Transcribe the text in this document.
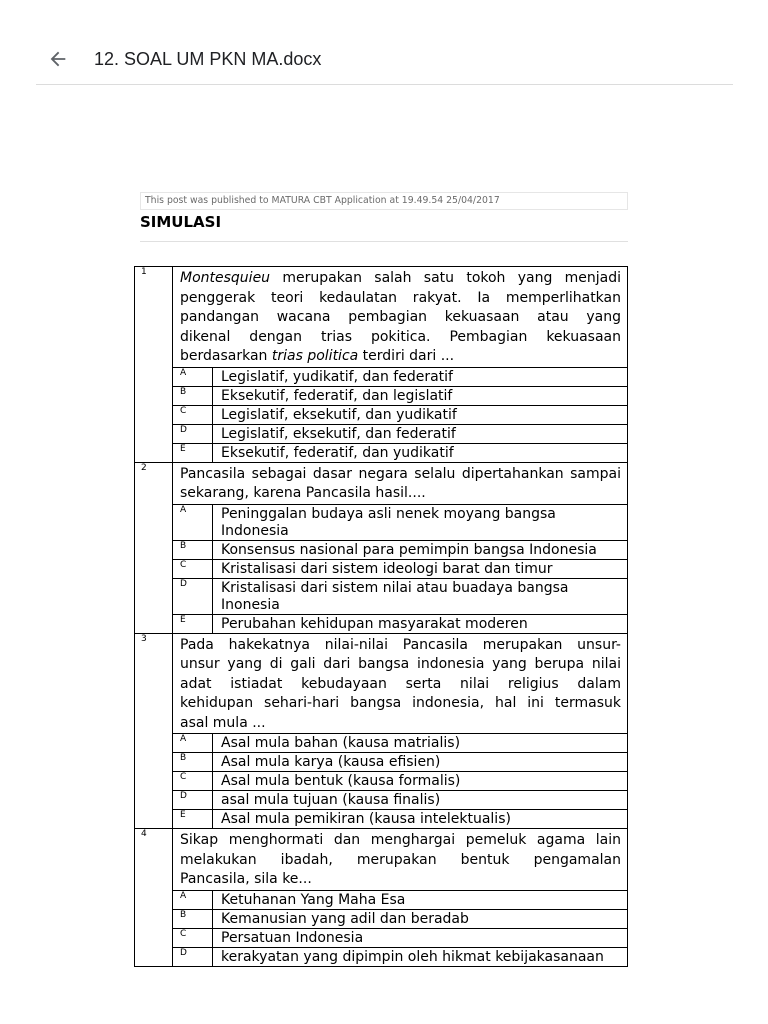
12. SOAL UM PKN MA.docx
This post was published to MATURA CBT Application at 19.49.54 25/04/2017
SIMULASI
1	Montesquieu merupakan salah satu tokoh yang menjadi
penggerak teori kedaulatan rakyat. Ia memperlihatkan
pandangan wacana pembagian kekuasaan atau yang
dikenal dengan trias pokitica. Pembagian kekuasaan
berdasarkan trias politica terdiri dari ...	

	A	Legislatif, yudikatif, dan federatif
	B	Eksekutif, federatif, dan legislatif
	C	Legislatif, eksekutif, dan yudikatif
	D	Legislatif, eksekutif, dan federatif
	E	Eksekutif, federatif, dan yudikatif
2	Pancasila sebagai dasar negara selalu dipertahankan sampai
sekarang, karena Pancasila hasil....	

	A	Peninggalan budaya asli nenek moyang bangsa Indonesia
	B	Konsensus nasional para pemimpin bangsa Indonesia
	C	Kristalisasi dari sistem ideologi barat dan timur
	D	Kristalisasi dari sistem nilai atau buadaya bangsa Inonesia
	E	Perubahan kehidupan masyarakat moderen
3	Pada hakekatnya nilai-nilai Pancasila merupakan unsur-
unsur yang di gali dari bangsa indonesia yang berupa nilai
adat istiadat kebudayaan serta nilai religius dalam
kehidupan sehari-hari bangsa indonesia, hal ini termasuk
asal mula ...	

	A	Asal mula bahan (kausa matrialis)
	B	Asal mula karya (kausa efisien)
	C	Asal mula bentuk (kausa formalis)
	D	asal mula tujuan (kausa finalis)
	E	Asal mula pemikiran (kausa intelektualis)
4	Sikap menghormati dan menghargai pemeluk agama lain
melakukan ibadah, merupakan bentuk pengamalan
Pancasila, sila ke...	

	A	Ketuhanan Yang Maha Esa
	B	Kemanusian yang adil dan beradab
	C	Persatuan Indonesia
	D	kerakyatan yang dipimpin oleh hikmat kebijakasanaan
